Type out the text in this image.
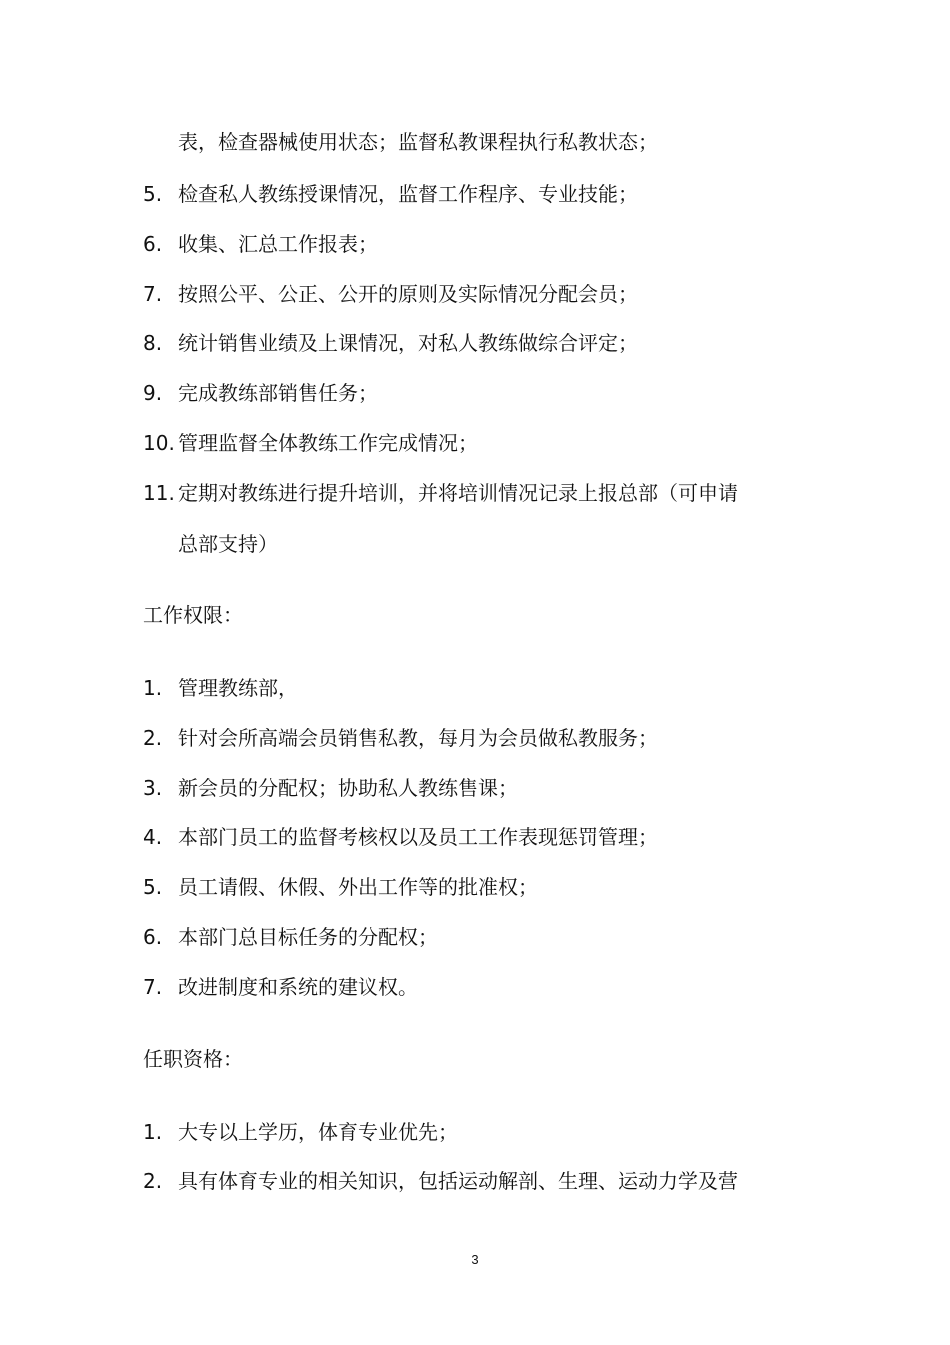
表，检查器械使用状态；监督私教课程执行私教状态；
5. 检查私人教练授课情况，监督工作程序、专业技能；
6. 收集、汇总工作报表；
7. 按照公平、公正、公开的原则及实际情况分配会员；
8. 统计销售业绩及上课情况，对私人教练做综合评定；
9. 完成教练部销售任务；
10. 管理监督全体教练工作完成情况；
11. 定期对教练进行提升培训，并将培训情况记录上报总部（可申请
总部支持）
工作权限：
1. 管理教练部，
2. 针对会所高端会员销售私教，每月为会员做私教服务；
3. 新会员的分配权；协助私人教练售课；
4. 本部门员工的监督考核权以及员工工作表现惩罚管理；
5. 员工请假、休假、外出工作等的批准权；
6. 本部门总目标任务的分配权；
7. 改进制度和系统的建议权。
任职资格：
1. 大专以上学历，体育专业优先；
2. 具有体育专业的相关知识，包括运动解剖、生理、运动力学及营
3
